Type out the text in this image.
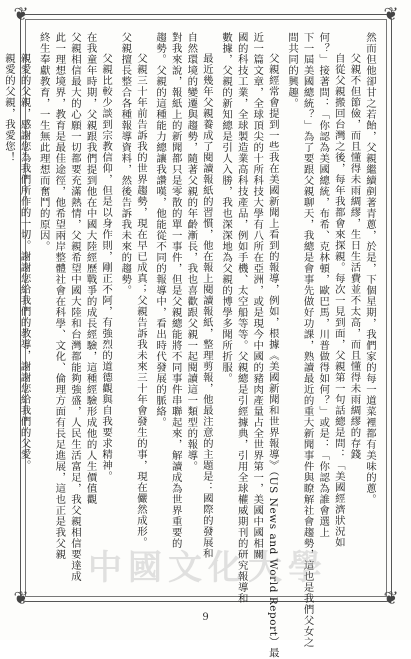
❦	❦
❦	❦
然而但他卻甘之若飴，父親繼續剷著青蔥，於是，下個星期，我們家的每一道菜裡都有美味的蔥。
父親不但節儉，而且懂得未雨綢繆，生日生活費並不太高，而且懂得未雨綢繆的存錢
自從父親搬回台灣之後，每年我都會來探親。每次一見到面，父親第一句話總是問：「美國經濟狀況如
何？」接著問：「你認為美國總統，布希、克林頓，歐巴馬，川普做得如何？」或是：「你認為誰會選上
下一屆美國總統？」為了要跟父親聊天，我總是會事先做好功課，熟讀最近的重大新聞事件與瞭解社會趨勢，這也是我們父女之
間共同的興趣。
父親經常會提到一些我在美國新聞上看到的報導，例如，根據《美國新聞和世界報導》（US News and World Report）最
近一篇文章，全球頂尖的十所科技大學有八所在亞洲，或是現今中國的豬肉產量占全世界第一，美國中國相關
國的科技工業，全球製造業高科技產品，例如手機、太空船等等。父親總是引經據典，引用全球權威期刊的研究報導和
數據，父親的新知總是引人入勝，我也深深地為父親的博學多聞所折服。
最近幾年父親養成了閱讀報紙的習慣，他在報上閱讀報紙，整理剪報，他最注意的主題是：國際的發展和
自然環境的變遷與趨勢，隨著父親的年齡漸長，我也喜歡跟父親一起閱讀這一類型的報導。
對我來說，報紙上的新聞都只是零散的單一事件，但是父親總能將不同事件串聯起來，解讀成為世界重要的
趨勢。父親的這種能力總讓我讚嘆，他能從不同的報導中，看出時代發展的脈絡。
父親三十年前告訴我的世界趨勢，現在早已成真；父親告訴我未來三十年會發生的事，現在儼然成形。
父親擅長整合各種報導資料，然後告訴我未來的趨勢。
父親比較少談到宗教信仰，但是以身作則，剛正不阿，有強烈的道德觀與自我要求精神。
在我童年時期，父親跟我們提到他在中國大陸經歷戰爭的成長經驗，這種經驗形成他的人生價值觀
父親相信最大的心願一切都要充滿熱情，父親希望中國大陸和台灣都能夠強盛，人民生活富足，我父親相信要達成
此一理想境界，教育是最佳途徑，他希望兩岸整體社會在科學、文化、倫理方面有長足進展，這也正是我父親
終生奉獻教育，一生無此理想而奮鬥的原因。
親愛的父親，感謝您為我們所作的一切。謝謝您給我們的教導，謝謝您給我們的父愛。
親愛的父親，我愛您！
中國文化大學
9
